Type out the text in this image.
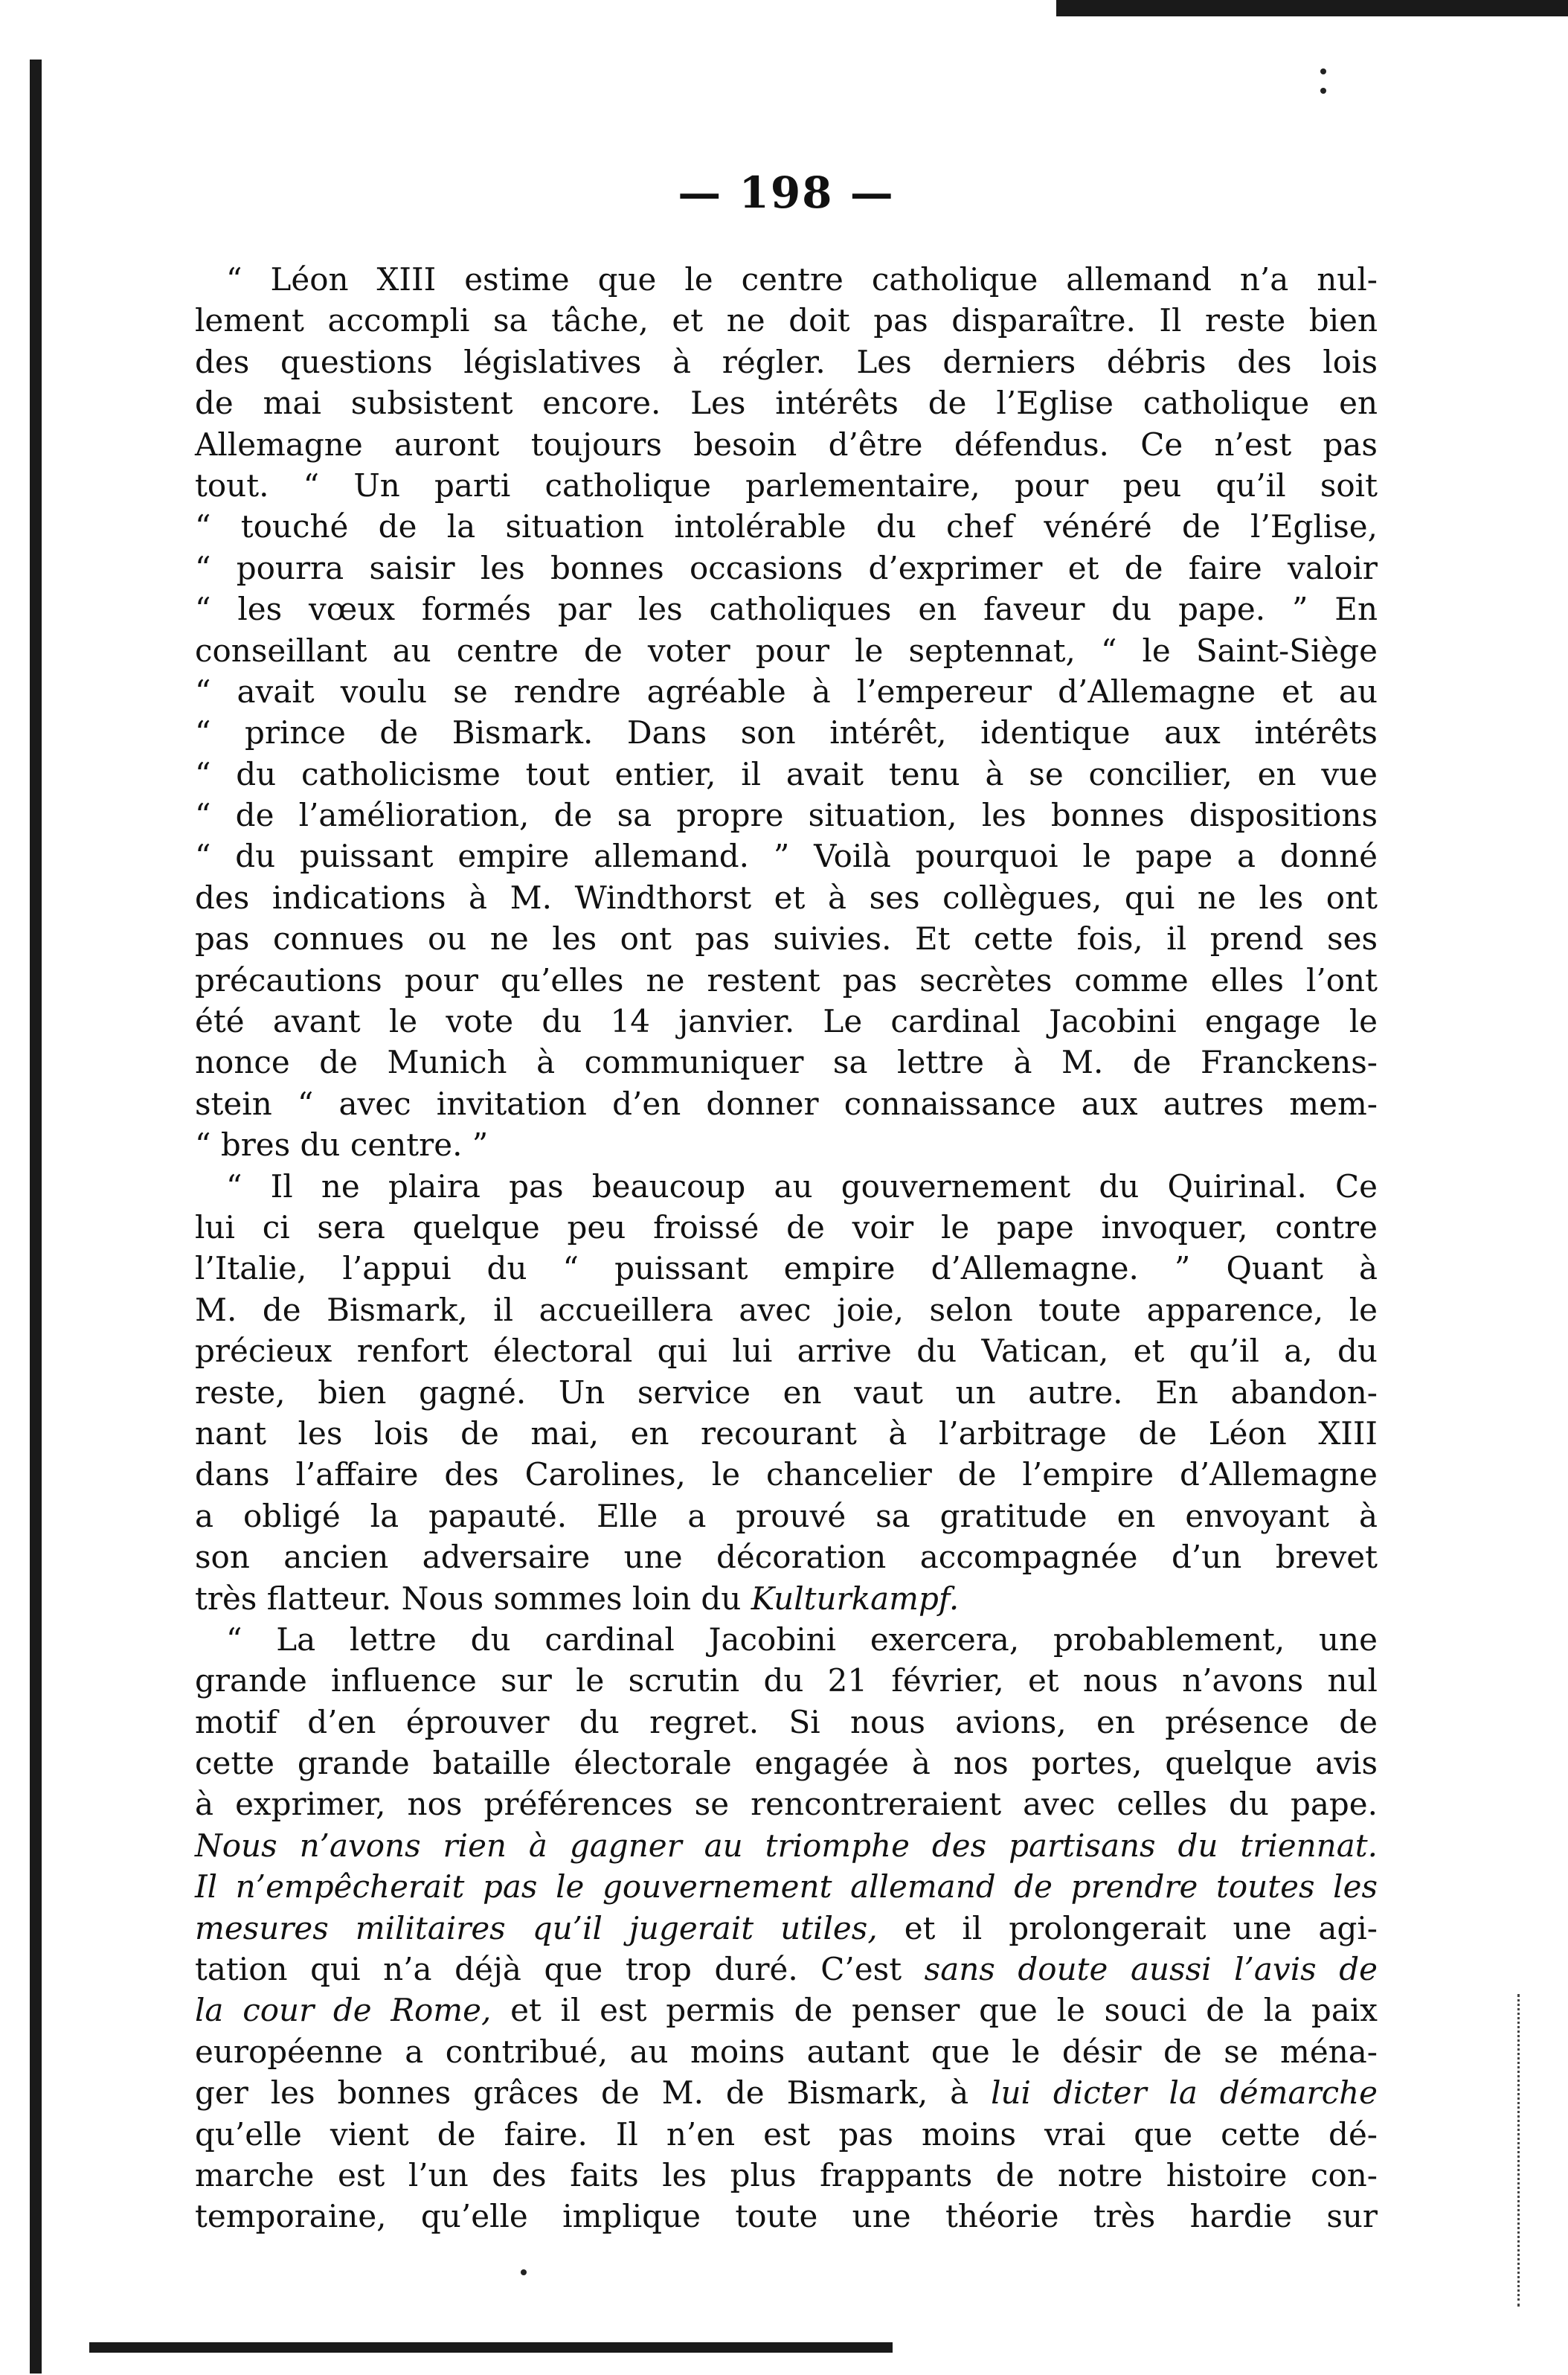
— 198 —
“ Léon XIII estime que le centre catholique allemand n’a nul-
lement accompli sa tâche, et ne doit pas disparaître. Il reste bien
des questions législatives à régler. Les derniers débris des lois
de mai subsistent encore. Les intérêts de l’Eglise catholique en
Allemagne auront toujours besoin d’être défendus. Ce n’est pas
tout. “ Un parti catholique parlementaire, pour peu qu’il soit
“ touché de la situation intolérable du chef vénéré de l’Eglise,
“ pourra saisir les bonnes occasions d’exprimer et de faire valoir
“ les vœux formés par les catholiques en faveur du pape. ” En
conseillant au centre de voter pour le septennat, “ le Saint-Siège
“ avait voulu se rendre agréable à l’empereur d’Allemagne et au
“ prince de Bismark. Dans son intérêt, identique aux intérêts
“ du catholicisme tout entier, il avait tenu à se concilier, en vue
“ de l’amélioration, de sa propre situation, les bonnes dispositions
“ du puissant empire allemand. ” Voilà pourquoi le pape a donné
des indications à M. Windthorst et à ses collègues, qui ne les ont
pas connues ou ne les ont pas suivies. Et cette fois, il prend ses
précautions pour qu’elles ne restent pas secrètes comme elles l’ont
été avant le vote du 14 janvier. Le cardinal Jacobini engage le
nonce de Munich à communiquer sa lettre à M. de Franckens-
stein “ avec invitation d’en donner connaissance aux autres mem-
“ bres du centre. ”
“ Il ne plaira pas beaucoup au gouvernement du Quirinal. Ce
lui ci sera quelque peu froissé de voir le pape invoquer, contre
l’Italie, l’appui du “ puissant empire d’Allemagne. ” Quant à
M. de Bismark, il accueillera avec joie, selon toute apparence, le
précieux renfort électoral qui lui arrive du Vatican, et qu’il a, du
reste, bien gagné. Un service en vaut un autre. En abandon-
nant les lois de mai, en recourant à l’arbitrage de Léon XIII
dans l’affaire des Carolines, le chancelier de l’empire d’Allemagne
a obligé la papauté. Elle a prouvé sa gratitude en envoyant à
son ancien adversaire une décoration accompagnée d’un brevet
très flatteur. Nous sommes loin du Kulturkampf.
“ La lettre du cardinal Jacobini exercera, probablement, une
grande influence sur le scrutin du 21 février, et nous n’avons nul
motif d’en éprouver du regret. Si nous avions, en présence de
cette grande bataille électorale engagée à nos portes, quelque avis
à exprimer, nos préférences se rencontreraient avec celles du pape.
Nous n’avons rien à gagner au triomphe des partisans du triennat.
Il n’empêcherait pas le gouvernement allemand de prendre toutes les
mesures militaires qu’il jugerait utiles, et il prolongerait une agi-
tation qui n’a déjà que trop duré. C’est sans doute aussi l’avis de
la cour de Rome, et il est permis de penser que le souci de la paix
européenne a contribué, au moins autant que le désir de se ména-
ger les bonnes grâces de M. de Bismark, à lui dicter la démarche
qu’elle vient de faire. Il n’en est pas moins vrai que cette dé-
marche est l’un des faits les plus frappants de notre histoire con-
temporaine, qu’elle implique toute une théorie très hardie sur
